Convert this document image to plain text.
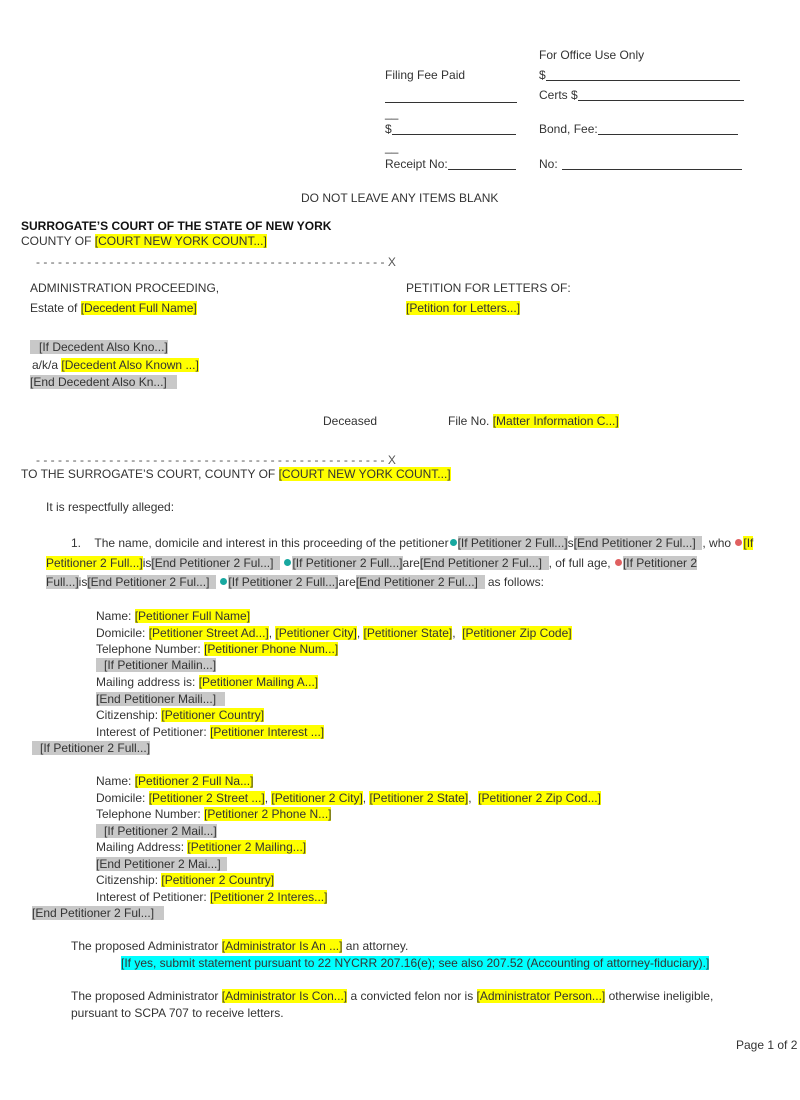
For Office Use Only
Filing Fee Paid	$
Certs $
__
$	Bond, Fee:
__
Receipt No:	No:
DO NOT LEAVE ANY ITEMS BLANK
SURROGATE’S COURT OF THE STATE OF NEW YORK
COUNTY OF [COURT NEW YORK COUNT...]
- - - - - - - - - - - - - - - - - - - - - - - - - - - - - - - - - - - - - - - - - - - - - - - - X
ADMINISTRATION PROCEEDING,	PETITION FOR LETTERS OF:
Estate of [Decedent Full Name]	[Petition for Letters...]
[If Decedent Also Kno...]
a/k/a [Decedent Also Known ...]
[End Decedent Also Kn...]
Deceased	File No. [Matter Information C...]
- - - - - - - - - - - - - - - - - - - - - - - - - - - - - - - - - - - - - - - - - - - - - - - - X
TO THE SURROGATE’S COURT, COUNTY OF [COURT NEW YORK COUNT...]
It is respectfully alleged:
1. The name, domicile and interest in this proceeding of the petitioner [If Petitioner 2 Full...]s[End Petitioner 2 Ful...] , who [If
Petitioner 2 Full...]is[End Petitioner 2 Ful...] [If Petitioner 2 Full...]are[End Petitioner 2 Ful...] , of full age, [If Petitioner 2
Full...]is[End Petitioner 2 Ful...] [If Petitioner 2 Full...]are[End Petitioner 2 Ful...]   as follows:
Name: [Petitioner Full Name]
Domicile: [Petitioner Street Ad...], [Petitioner City], [Petitioner State],  [Petitioner Zip Code]
Telephone Number: [Petitioner Phone Num...]
[If Petitioner Mailin...]
Mailing address is: [Petitioner Mailing A...]
[End Petitioner Maili...]
Citizenship: [Petitioner Country]
Interest of Petitioner: [Petitioner Interest ...]
[If Petitioner 2 Full...]
Name: [Petitioner 2 Full Na...]
Domicile: [Petitioner 2 Street ...], [Petitioner 2 City], [Petitioner 2 State],  [Petitioner 2 Zip Cod...]
Telephone Number: [Petitioner 2 Phone N...]
[If Petitioner 2 Mail...]
Mailing Address: [Petitioner 2 Mailing...]
[End Petitioner 2 Mai...]
Citizenship: [Petitioner 2 Country]
Interest of Petitioner: [Petitioner 2 Interes...]
[End Petitioner 2 Ful...]
The proposed Administrator [Administrator Is An ...] an attorney.
[If yes, submit statement pursuant to 22 NYCRR 207.16(e); see also 207.52 (Accounting of attorney-fiduciary).]
The proposed Administrator [Administrator Is Con...] a convicted felon nor is [Administrator Person...] otherwise ineligible,
pursuant to SCPA 707 to receive letters.
Page 1 of 2
